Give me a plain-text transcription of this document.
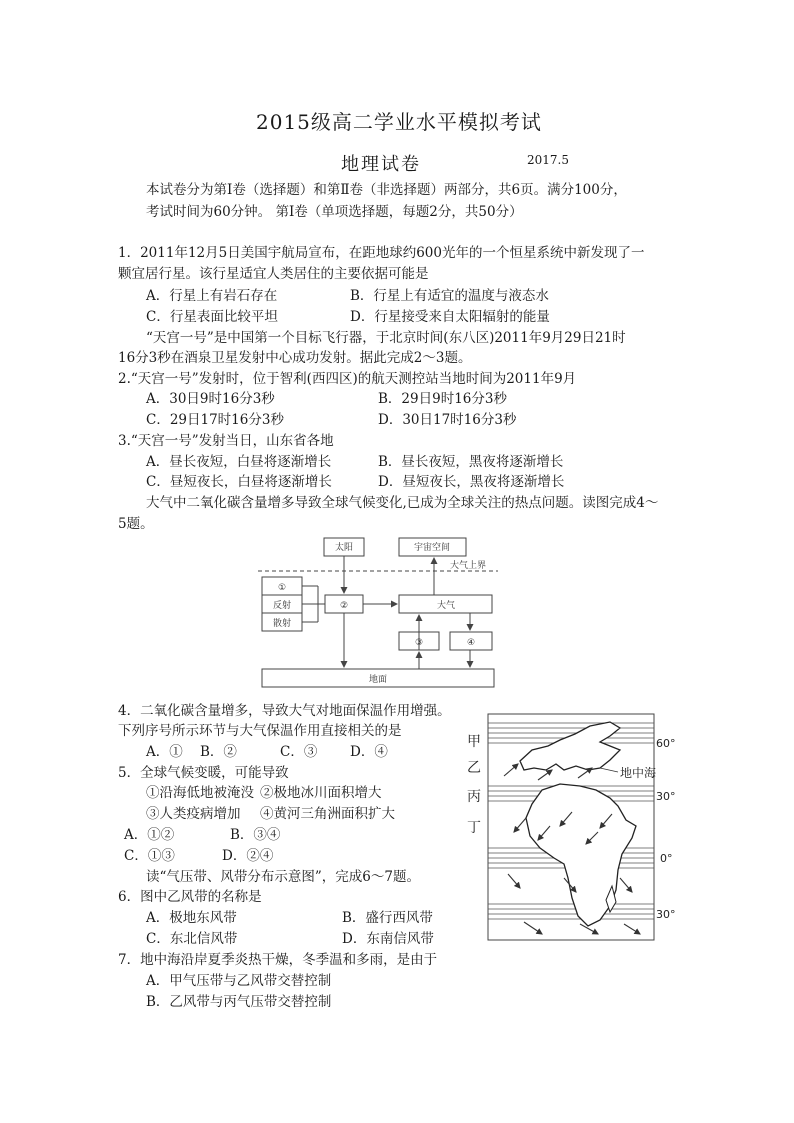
2015级高二学业水平模拟考试
地理试卷	2017.5
本试卷分为第Ⅰ卷（选择题）和第Ⅱ卷（非选择题）两部分，共6页。满分100分，
考试时间为60分钟。 第Ⅰ卷（单项选择题，每题2分，共50分）
1．2011年12月5日美国宇航局宣布，在距地球约600光年的一个恒星系统中新发现了一
颗宜居行星。该行星适宜人类居住的主要依据可能是
A．行星上有岩石存在	B．行星上有适宜的温度与液态水
C．行星表面比较平坦	D．行星接受来自太阳辐射的能量
“天宫一号”是中国第一个目标飞行器，于北京时间(东八区)2011年9月29日21时
16分3秒在酒泉卫星发射中心成功发射。据此完成2～3题。
2.“天宫一号”发射时，位于智利(西四区)的航天测控站当地时间为2011年9月
A．30日9时16分3秒	B．29日9时16分3秒
C．29日17时16分3秒	D．30日17时16分3秒
3.“天宫一号”发射当日，山东省各地
A．昼长夜短，白昼将逐渐增长	B．昼长夜短，黑夜将逐渐增长
C．昼短夜长，白昼将逐渐增长	D．昼短夜长，黑夜将逐渐增长
大气中二氧化碳含量增多导致全球气候变化,已成为全球关注的热点问题。读图完成4～
5题。
太阳	宇宙空间
大气上界
①
反射
散射
②	大气
③	④
地面
4．二氧化碳含量增多，导致大气对地面保温作用增强。
下列序号所示环节与大气保温作用直接相关的是
A．① B．②	C．③ D．④
5．全球气候变暖，可能导致
①沿海低地被淹没 ②极地冰川面积增大
③人类疫病增加 ④黄河三角洲面积扩大
A．①②	B．③④
C．①③	D．②④
读“气压带、风带分布示意图”，完成6～7题。
6．图中乙风带的名称是
A．极地东风带	B．盛行西风带
C．东北信风带	D．东南信风带
7．地中海沿岸夏季炎热干燥，冬季温和多雨，是由于
A．甲气压带与乙风带交替控制
B．乙风带与丙气压带交替控制
甲
乙
丙
丁
60°
30°
0°
30°
地中海
